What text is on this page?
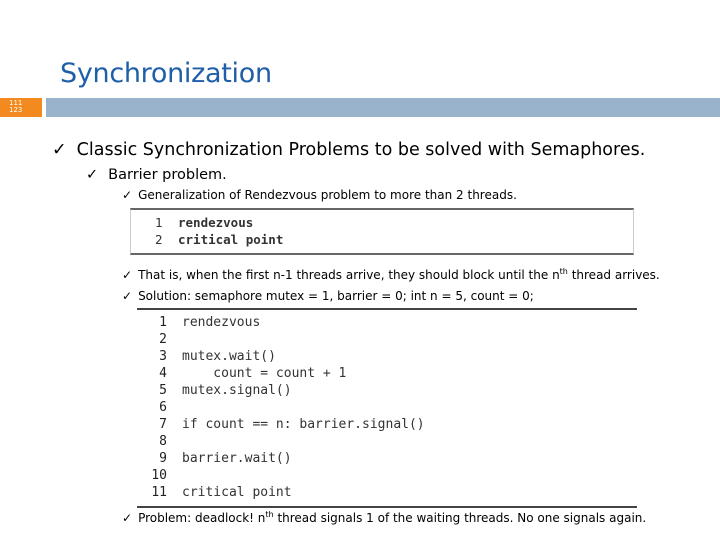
Synchronization
111
123
✓ Classic Synchronization Problems to be solved with Semaphores.
✓ Barrier problem.
✓ Generalization of Rendezvous problem to more than 2 threads.
1 rendezvous
2 critical point
✓ That is, when the first n-1 threads arrive, they should block until the $n^{th}$ thread arrives.
✓ Solution: semaphore mutex = 1, barrier = 0; int n = 5, count = 0;
1 rendezvous
2
3 mutex.wait()
4 count = count + 1
5 mutex.signal()
6
7 if count == n: barrier.signal()
8
9 barrier.wait()
10
11 critical point
✓ Problem: deadlock! $n^{th}$ thread signals 1 of the waiting threads. No one signals again.
